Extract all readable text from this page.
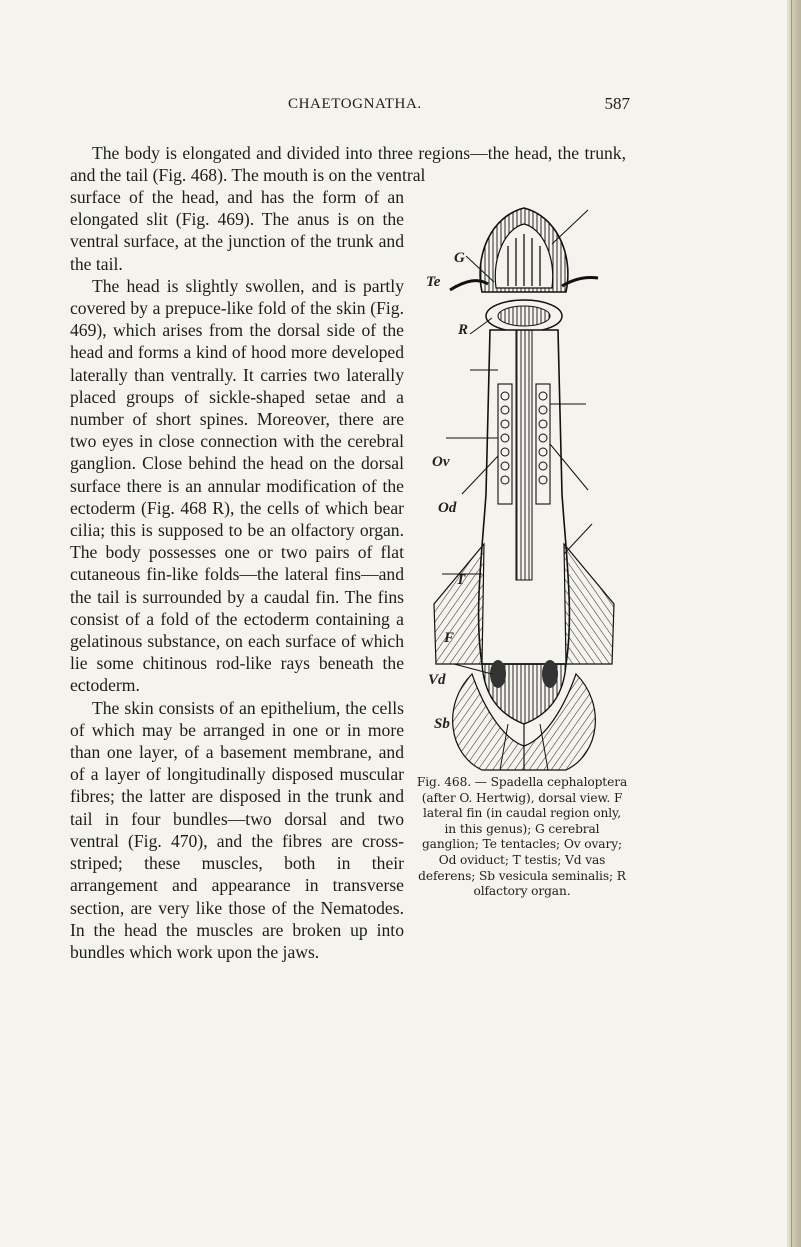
CHAETOGNATHA.	587

The body is elongated and divided into three regions—the head, the trunk, and the tail (Fig. 468). The mouth is on the ventral

surface of the head, and has the form of an elongated slit (Fig. 469). The anus is on the ventral surface, at the junction of the trunk and the tail.

The head is slightly swollen, and is partly covered by a prepuce-like fold of the skin (Fig. 469), which arises from the dorsal side of the head and forms a kind of hood more developed laterally than ventrally. It carries two laterally placed groups of sickle-shaped setae and a number of short spines. Moreover, there are two eyes in close connection with the cerebral ganglion. Close behind the head on the dorsal surface there is an annular modification of the ectoderm (Fig. 468 R), the cells of which bear cilia; this is supposed to be an olfactory organ. The body possesses one or two pairs of flat cutaneous fin-like folds—the lateral fins—and the tail is surrounded by a caudal fin. The fins consist of a fold of the ectoderm containing a gelatinous substance, on each surface of which lie some chitinous rod-like rays beneath the ectoderm.

The skin consists of an epithelium, the cells of which may be arranged in one or in more than one layer, of a basement membrane, and of a layer of longitudinally disposed muscular fibres; the latter are disposed in the trunk and tail in four bundles—two dorsal and two ventral (Fig. 470), and the fibres are cross-striped; these muscles, both in their arrangement and appearance in transverse section, are very like those of the Nematodes. In the head the muscles are broken up into bundles which work upon the jaws.

G
Te
R
Ov
Od
T
F
Vd
Sb
Fig. 468. — Spadella cephaloptera (after O. Hertwig), dorsal view. F lateral fin (in caudal region only, in this genus); G cerebral ganglion; Te tentacles; Ov ovary; Od oviduct; T testis; Vd vas deferens; Sb vesicula seminalis; R olfactory organ.
